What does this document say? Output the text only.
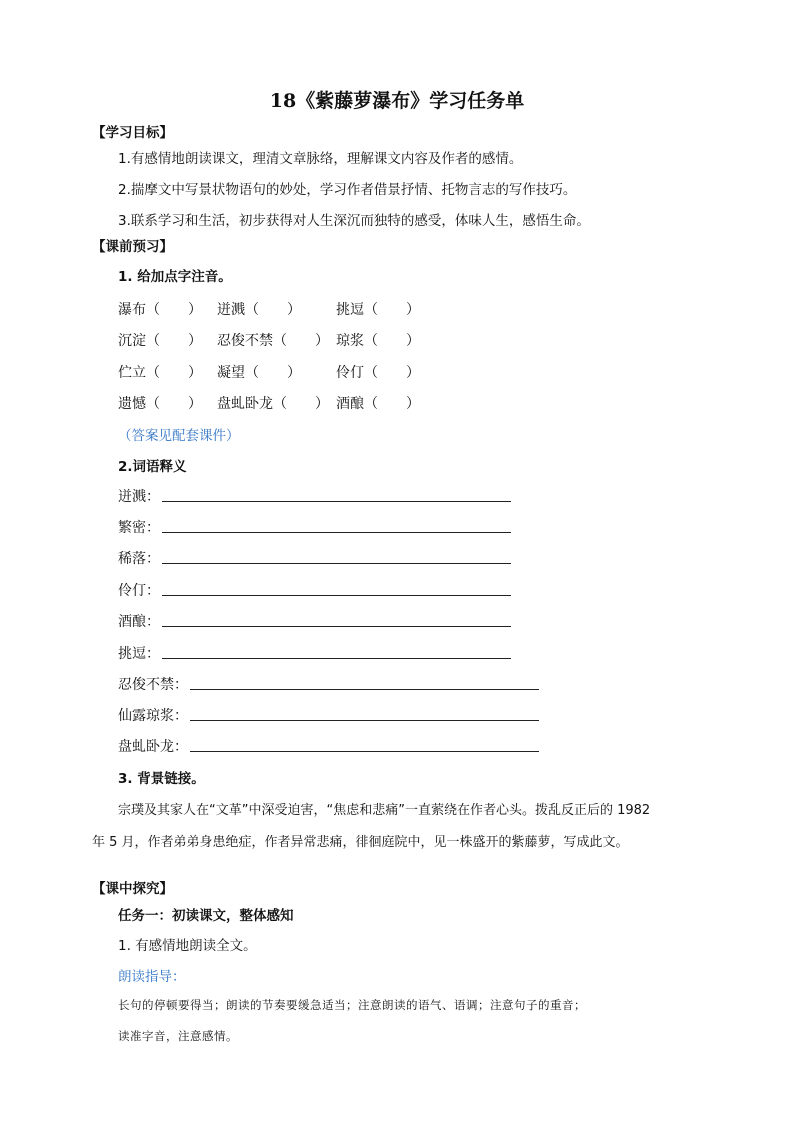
18《紫藤萝瀑布》学习任务单
【学习目标】
1.有感情地朗读课文，理清文章脉络，理解课文内容及作者的感情。
2.揣摩文中写景状物语句的妙处，学习作者借景抒情、托物言志的写作技巧。
3.联系学习和生活，初步获得对人生深沉而独特的感受，体味人生，感悟生命。
【课前预习】
1. 给加点字注音。
瀑布（　　） 迸溅（　　）	挑逗（　　）
沉淀（　　） 忍俊不禁（　　） 琼浆（　　）
伫立（　　） 凝望（　　）	伶仃（　　）
遗憾（　　） 盘虬卧龙（　　） 酒酿（　　）
（答案见配套课件）
2.词语释义
迸溅：
繁密：
稀落：
伶仃：
酒酿：
挑逗：
忍俊不禁：
仙露琼浆：
盘虬卧龙：
3. 背景链接。
宗璞及其家人在“文革”中深受迫害，“焦虑和悲痛”一直萦绕在作者心头。拨乱反正后的 1982
年 5 月，作者弟弟身患绝症，作者异常悲痛，徘徊庭院中，见一株盛开的紫藤萝，写成此文。
【课中探究】
任务一：初读课文，整体感知
1. 有感情地朗读全文。
朗读指导：
长句的停顿要得当；朗读的节奏要缓急适当；注意朗读的语气、语调；注意句子的重音；
读准字音，注意感情。
